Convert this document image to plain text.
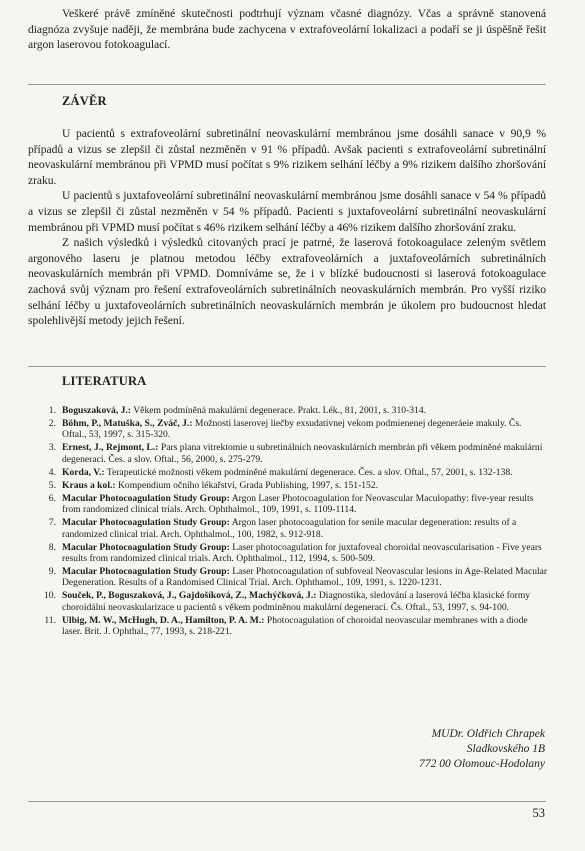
Veškeré právě zmíněné skutečnosti podtrhují význam včasné diagnózy. Včas a správně stanovená diagnóza zvyšuje naději, že membrána bude zachycena v extrafoveolární lokalizaci a podaří se ji úspěšně řešit argon laserovou fotokoagulací.

ZÁVĚR

U pacientů s extrafoveolární subretinální neovaskulární membránou jsme dosáhli sanace v 90,9 % případů a vizus se zlepšil či zůstal nezměněn v 91 % případů. Avšak pacienti s extrafoveolární subretinální neovaskulární membránou při VPMD musí počítat s 9% rizikem selhání léčby a 9% rizikem dalšího zhoršování zraku.

U pacientů s juxtafoveolární subretinální neovaskulární membránou jsme dosáhli sanace v 54 % případů a vizus se zlepšil či zůstal nezměněn v 54 % případů. Pacienti s juxtafoveolární subretinální neovaskulární membránou při VPMD musí počítat s 46% rizikem selhání léčby a 46% rizikem dalšího zhoršování zraku.

Z našich výsledků i výsledků citovaných prací je patrné, že laserová fotokoagulace zeleným světlem argonového laseru je platnou metodou léčby extrafoveolárních a juxtafoveolárních subretinálních neovaskulárních membrán při VPMD. Domníváme se, že i v blízké budoucnosti si laserová fotokoagulace zachová svůj význam pro řešení extrafoveolárních subretinálních neovaskulárních membrán. Pro vyšší riziko selhání léčby u juxtafoveolárních subretinálních neovaskulárních membrán je úkolem pro budoucnost hledat spolehlivější metody jejich řešení.

LITERATURA
1. Boguszaková, J.: Věkem podmíněná makulární degenerace. Prakt. Lék., 81, 2001, s. 310-314.
2. Böhm, P., Matuška, S., Zváč, J.: Možnosti laserovej liečby exsudatívnej vekom podmienenej degeneráeie makuly. Čs. Oftal., 53, 1997, s. 315-320.
3. Ernest, J., Rejmont, L.: Pars plana vitrektomie u subretinálních neovaskulárních membrán při věkem podmíněné makulární degeneraci. Čes. a slov. Oftal., 56, 2000, s. 275-279.
4. Korda, V.: Terapeutické možnosti věkem podmíněné makulární degenerace. Čes. a slov. Oftal., 57, 2001, s. 132-138.
5. Kraus a kol.: Kompendium očního lékařství, Grada Publishing, 1997, s. 151-152.
6. Macular Photocoagulation Study Group: Argon Laser Photocoagulation for Neovascular Maculopathy: five-year results from randomized clinical trials. Arch. Ophthalmol., 109, 1991, s. 1109-1114.
7. Macular Photocoagulation Study Group: Argon laser photocoagulation for senile macular degeneration: results of a randomized clinical trial. Arch. Ophthalmol., 100, 1982, s. 912-918.
8. Macular Photocoagulation Study Group: Laser photocoagulation for juxtafoveal choroidal neovascularisation - Five years results from randomized clinical trials. Arch. Ophthalmol., 112, 1994, s. 500-509.
9. Macular Photocoagulation Study Group: Laser Photocoagulation of subfoveal Neovascular lesions in Age-Related Macular Degeneration. Results of a Randomised Clinical Trial. Arch. Ophthamol., 109, 1991, s. 1220-1231.
10. Souček, P., Boguszaková, J., Gajdošíková, Z., Machýčková, J.: Diagnostika, sledování a laserová léčba klasické formy choroidální neovaskularizace u pacientů s věkem podmíněnou makulární degenerací. Čs. Oftal., 53, 1997, s. 94-100.
11. Ulbig, M. W., McHugh, D. A., Hamilton, P. A. M.: Photocoagulation of choroidal neovascular membranes with a diode laser. Brit. J. Ophthal., 77, 1993, s. 218-221.
MUDr. Oldřich Chrapek
Sladkovského 1B
772 00 Olomouc-Hodolany
53
